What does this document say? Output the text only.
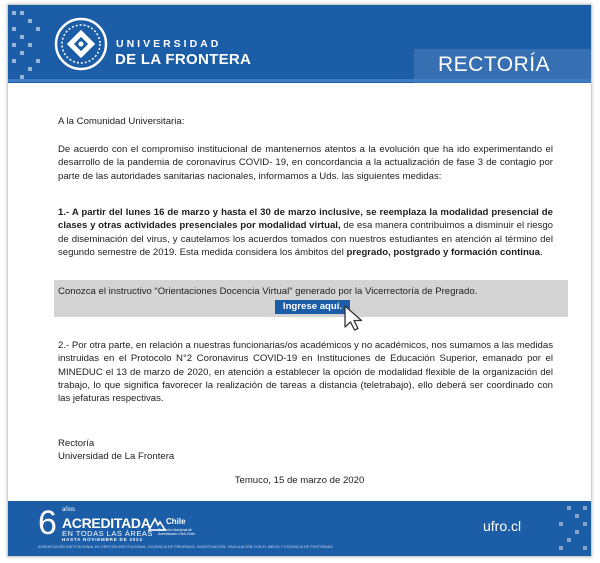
UNIVERSIDAD
DE LA FRONTERA	RECTORÍA
A la Comunidad Universitaria:
De acuerdo con el compromiso institucional de mantenernos atentos a la evolución que ha ido experimentando el desarrollo de la pandemia de coronavirus COVID- 19, en concordancia a la actualización de fase 3 de contagio por parte de las autoridades sanitarias nacionales, informamos a Uds. las siguientes medidas:
1.- A partir del lunes 16 de marzo y hasta el 30 de marzo inclusive, se reemplaza la modalidad presencial de clases y otras actividades presenciales por modalidad virtual, de esa manera contribuimos a disminuir el riesgo de diseminación del virus, y cautelamos los acuerdos tomados con nuestros estudiantes en atención al término del segundo semestre de 2019. Esta medida considera los ámbitos del pregrado, postgrado y formación continua.
Conozca el instructivo “Orientaciones Docencia Virtual” generado por la Vicerrectoría de Pregrado.
Ingrese aquí.
2.- Por otra parte, en relación a nuestras funcionarias/os académicos y no académicos, nos sumamos a las medidas instruidas en el Protocolo N°2 Coronavirus COVID-19 en Instituciones de Educación Superior, emanado por el MINEDUC el 13 de marzo de 2020, en atención a establecer la opción de modalidad flexible de la organización del trabajo, lo que significa favorecer la realización de tareas a distancia (teletrabajo), ello deberá ser coordinado con las jefaturas respectivas.
Rectoría
Universidad de La Frontera
Temuco, 15 de marzo de 2020
6 años
ACREDITADA
EN TODAS LAS ÁREAS
HASTA NOVIEMBRE DE 2024
ACREDITACIÓN INSTITUCIONAL EN GESTIÓN INSTITUCIONAL, DOCENCIA DE PREGRADO, INVESTIGACIÓN, VINCULACIÓN CON EL MEDIO Y DOCENCIA DE POSTGRADO
Chile
Comisión Nacional de Acreditación CNA-Chile	ufro.cl
